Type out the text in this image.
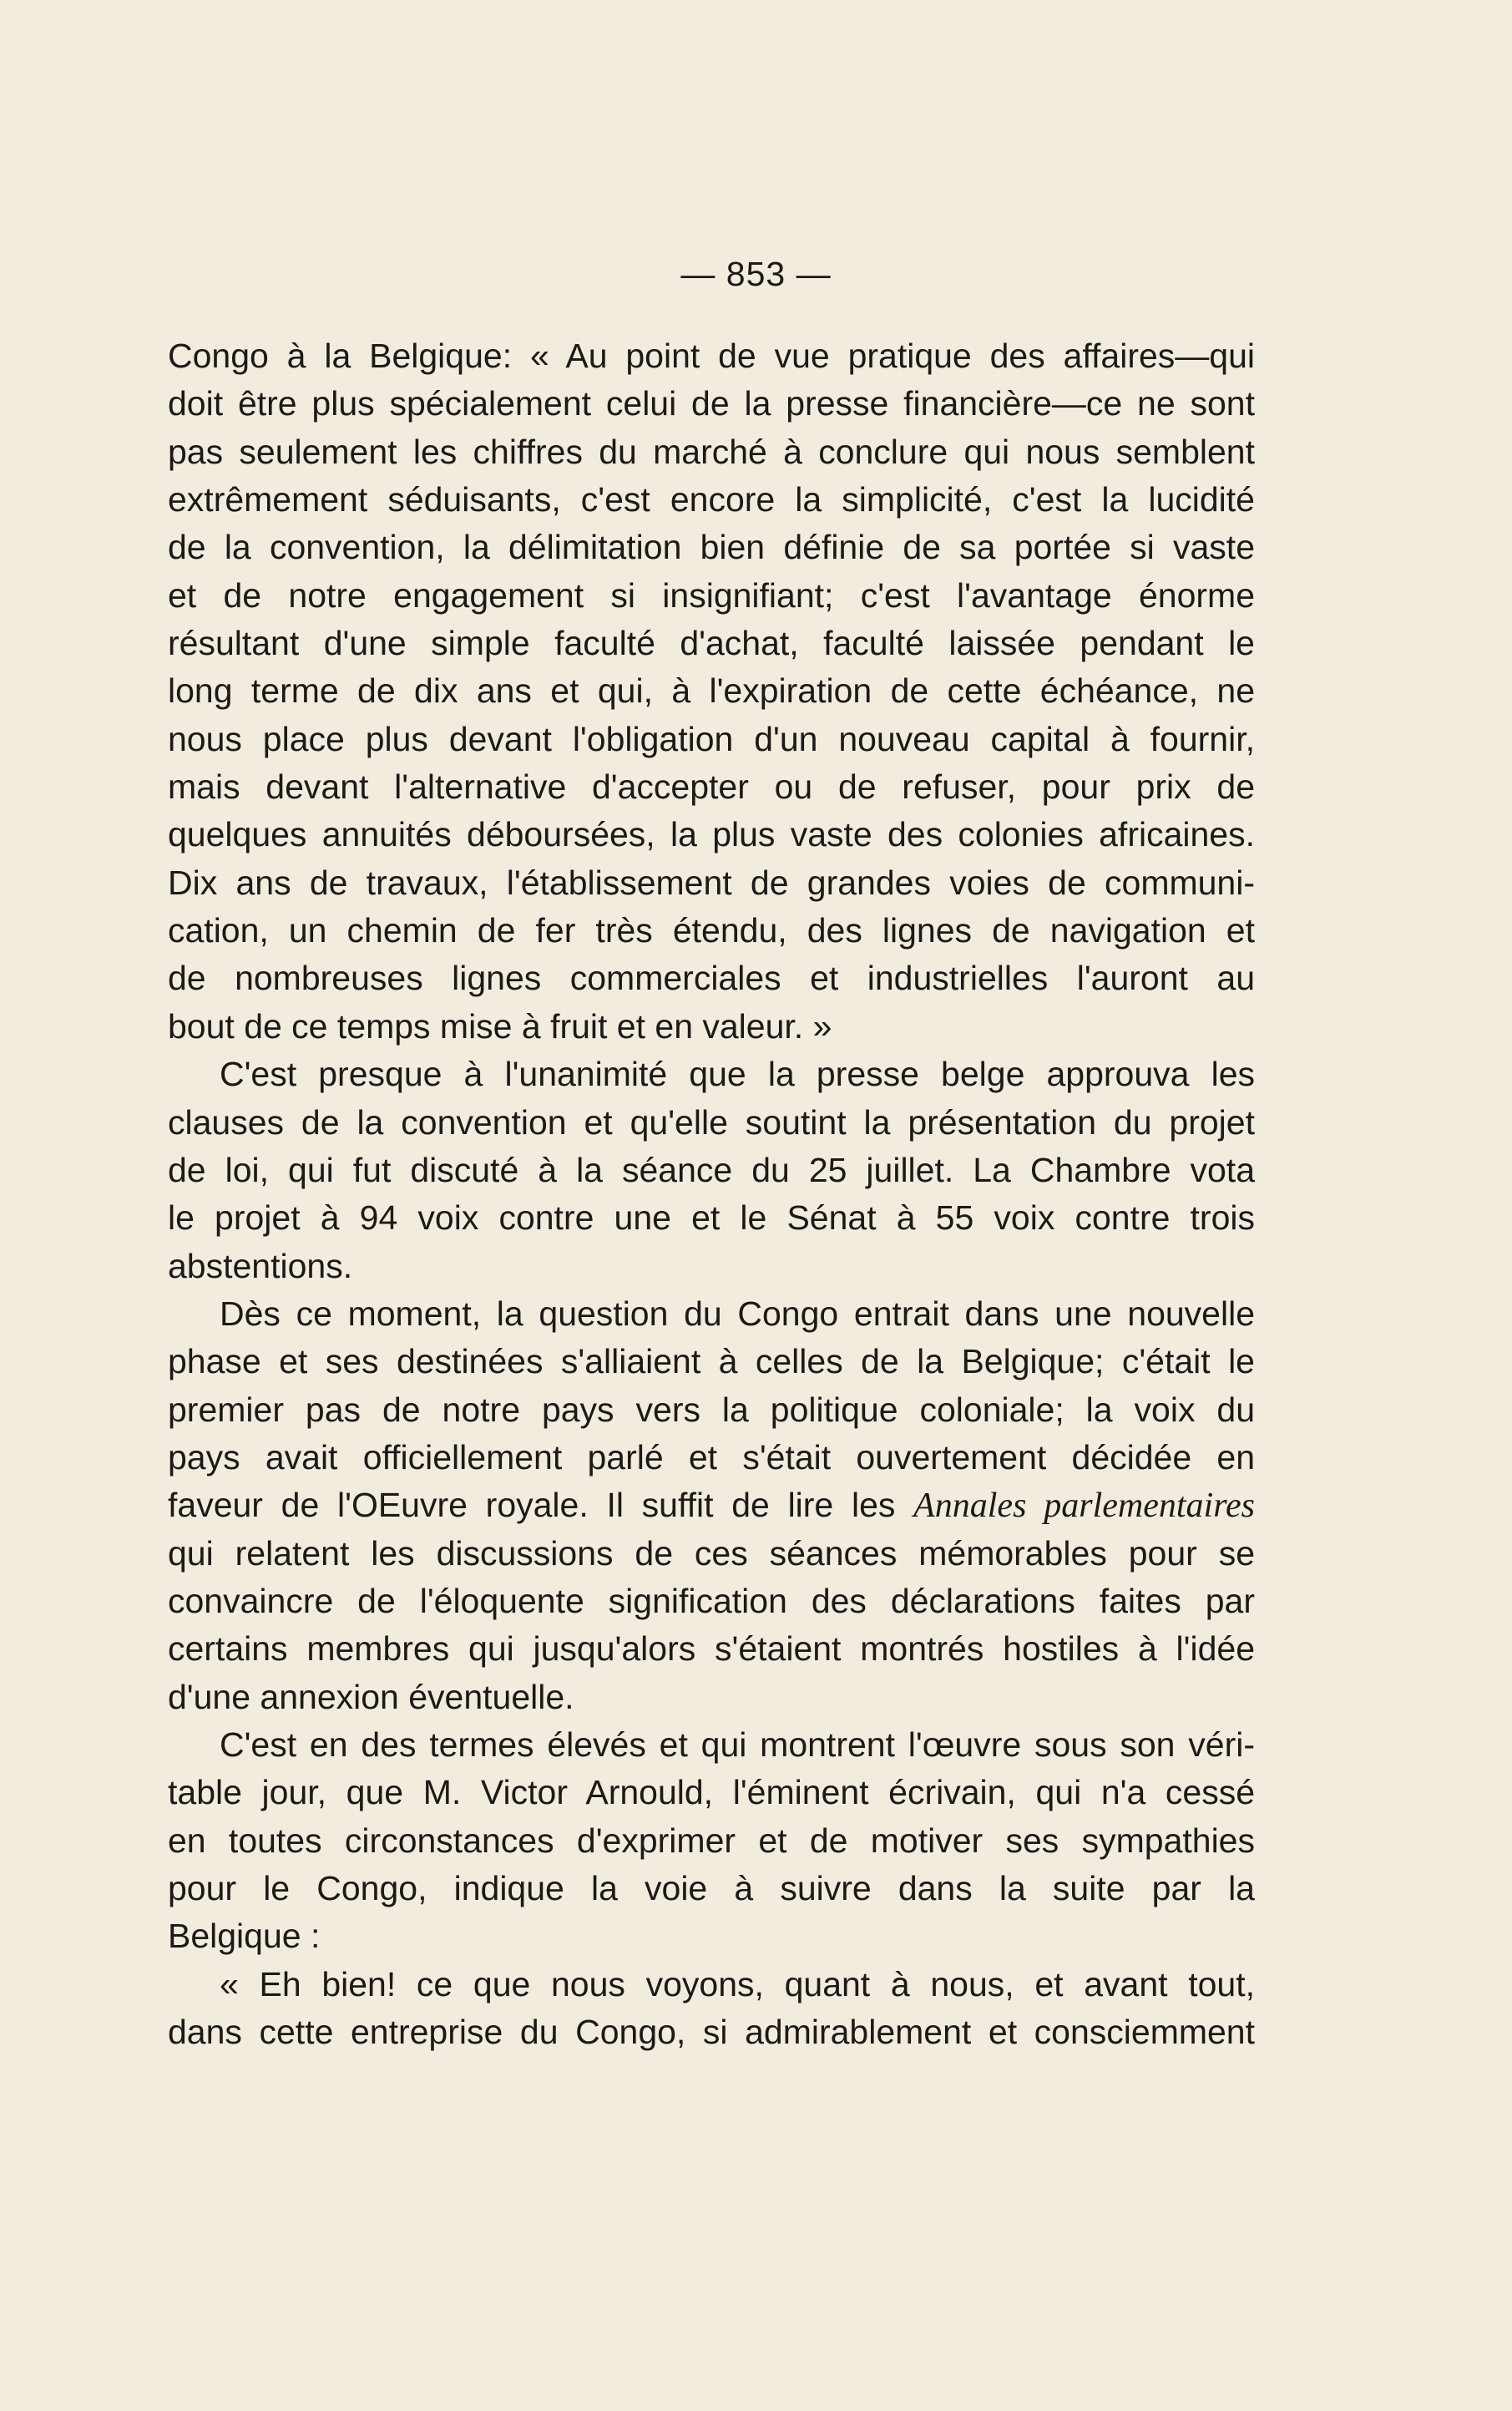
— 853 —
Congo à la Belgique: « Au point de vue pratique des affaires—qui
doit être plus spécialement celui de la presse financière—ce ne sont
pas seulement les chiffres du marché à conclure qui nous semblent
extrêmement séduisants, c'est encore la simplicité, c'est la lucidité
de la convention, la délimitation bien définie de sa portée si vaste
et de notre engagement si insignifiant; c'est l'avantage énorme
résultant d'une simple faculté d'achat, faculté laissée pendant le
long terme de dix ans et qui, à l'expiration de cette échéance, ne
nous place plus devant l'obligation d'un nouveau capital à fournir,
mais devant l'alternative d'accepter ou de refuser, pour prix de
quelques annuités déboursées, la plus vaste des colonies africaines.
Dix ans de travaux, l'établissement de grandes voies de communi-
cation, un chemin de fer très étendu, des lignes de navigation et
de nombreuses lignes commerciales et industrielles l'auront au
bout de ce temps mise à fruit et en valeur. »
C'est presque à l'unanimité que la presse belge approuva les
clauses de la convention et qu'elle soutint la présentation du projet
de loi, qui fut discuté à la séance du 25 juillet. La Chambre vota
le projet à 94 voix contre une et le Sénat à 55 voix contre trois
abstentions.
Dès ce moment, la question du Congo entrait dans une nouvelle
phase et ses destinées s'alliaient à celles de la Belgique; c'était le
premier pas de notre pays vers la politique coloniale; la voix du
pays avait officiellement parlé et s'était ouvertement décidée en
faveur de l'OEuvre royale. Il suffit de lire les Annales parlementaires
qui relatent les discussions de ces séances mémorables pour se
convaincre de l'éloquente signification des déclarations faites par
certains membres qui jusqu'alors s'étaient montrés hostiles à l'idée
d'une annexion éventuelle.
C'est en des termes élevés et qui montrent l'œuvre sous son véri-
table jour, que M. Victor Arnould, l'éminent écrivain, qui n'a cessé
en toutes circonstances d'exprimer et de motiver ses sympathies
pour le Congo, indique la voie à suivre dans la suite par la
Belgique :
« Eh bien! ce que nous voyons, quant à nous, et avant tout,
dans cette entreprise du Congo, si admirablement et consciemment
